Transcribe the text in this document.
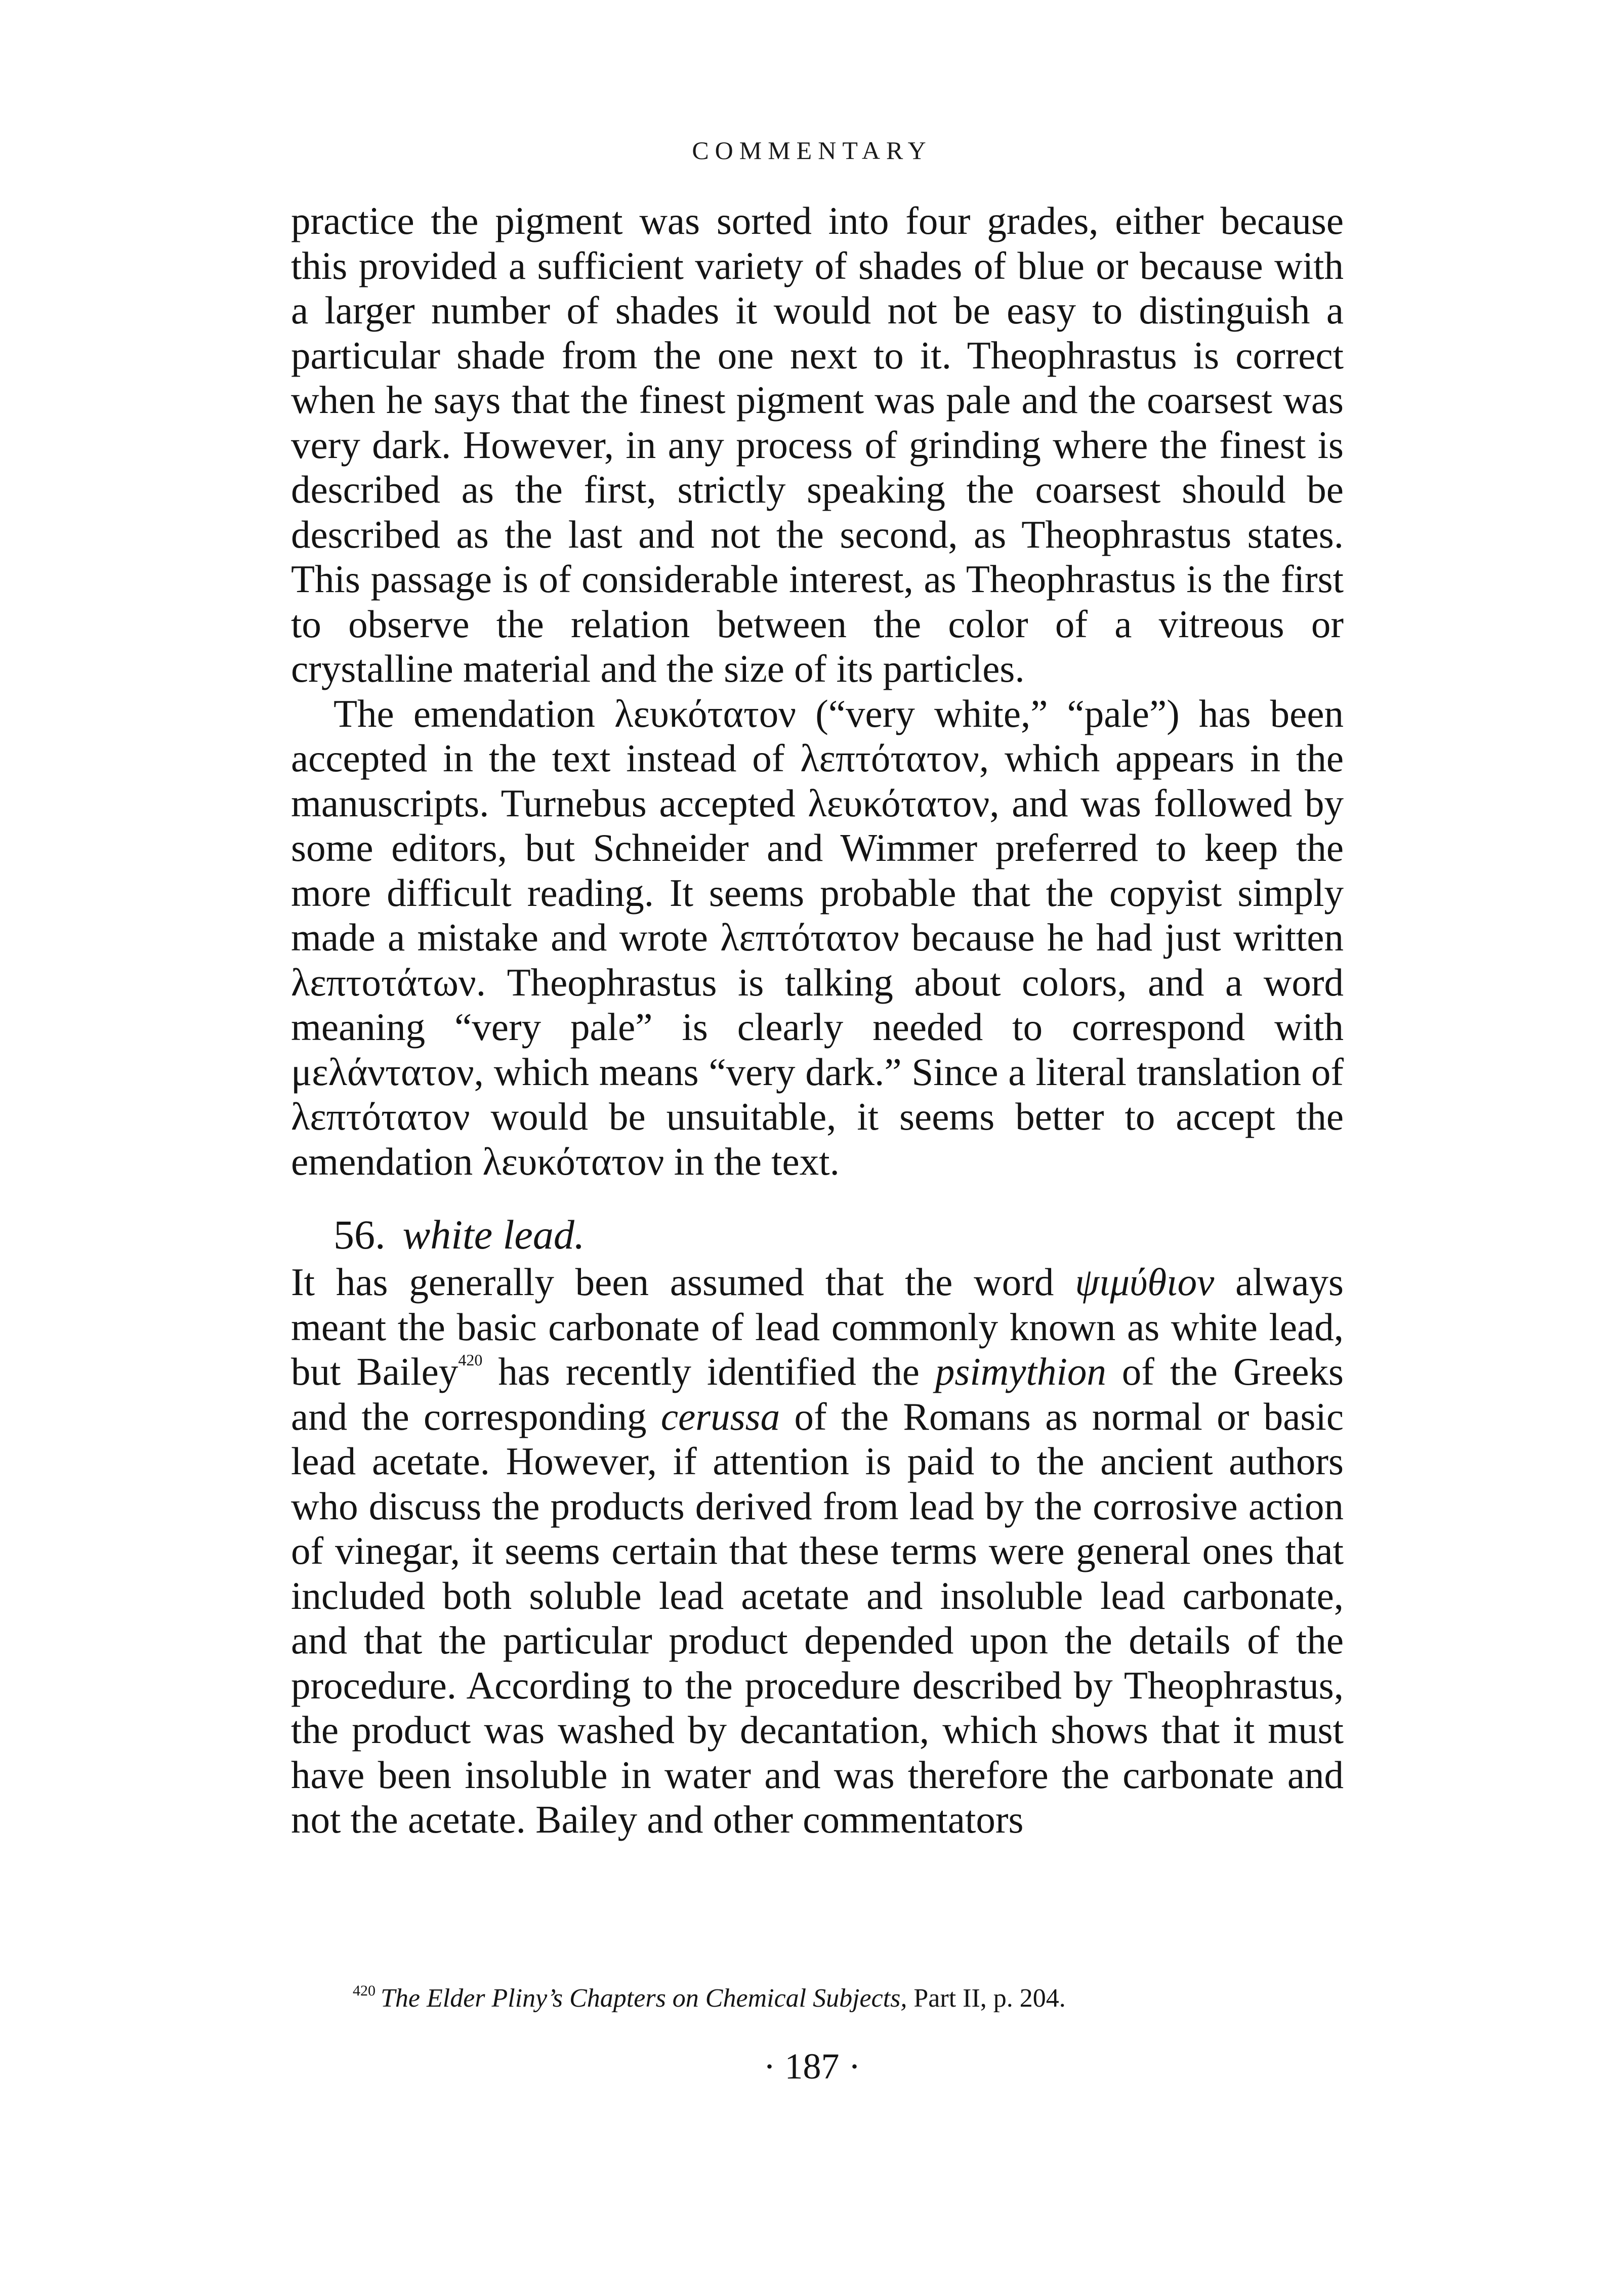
COMMENTARY

practice the pigment was sorted into four grades, either because this provided a sufficient variety of shades of blue or because with a larger number of shades it would not be easy to distinguish a particular shade from the one next to it. Theophrastus is correct when he says that the finest pigment was pale and the coarsest was very dark. However, in any process of grinding where the finest is described as the first, strictly speaking the coarsest should be described as the last and not the second, as Theophrastus states. This passage is of considerable interest, as Theophrastus is the first to observe the relation between the color of a vitreous or crystalline material and the size of its particles.

The emendation λευκότατον (“very white,” “pale”) has been accepted in the text instead of λεπτότατον, which appears in the manuscripts. Turnebus accepted λευκότατον, and was followed by some editors, but Schneider and Wimmer preferred to keep the more difficult reading. It seems probable that the copyist simply made a mistake and wrote λεπτότατον because he had just written λεπτοτάτων. Theophrastus is talking about colors, and a word meaning “very pale” is clearly needed to correspond with μελάντατον, which means “very dark.” Since a literal translation of λεπτότατον would be unsuitable, it seems better to accept the emendation λευκότατον in the text.

56. white lead.

It has generally been assumed that the word ψιμύθιον always meant the basic carbonate of lead commonly known as white lead, but Bailey$^{420}$ has recently identified the psimythion of the Greeks and the corresponding cerussa of the Romans as normal or basic lead acetate. However, if attention is paid to the ancient authors who discuss the products derived from lead by the corrosive action of vinegar, it seems certain that these terms were general ones that included both soluble lead acetate and insoluble lead carbonate, and that the particular product depended upon the details of the procedure. According to the procedure described by Theophrastus, the product was washed by decantation, which shows that it must have been insoluble in water and was therefore the carbonate and not the acetate. Bailey and other commentators

$^{420}$ The Elder Pliny’s Chapters on Chemical Subjects, Part II, p. 204.
· 187 ·
